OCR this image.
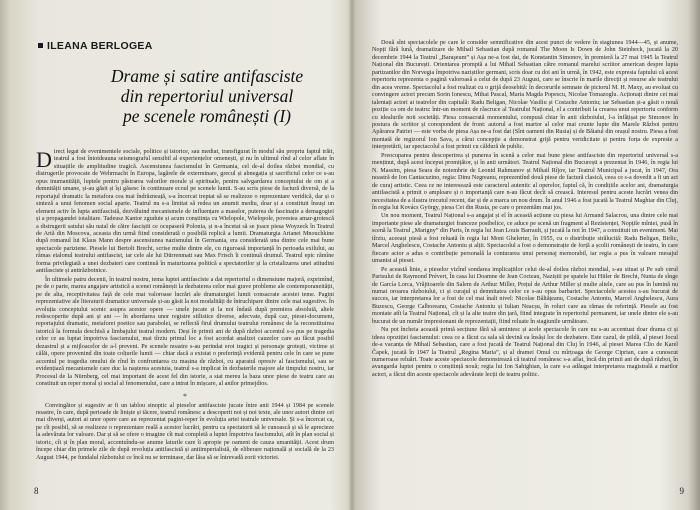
ILEANA BERLOGEA
Drame și satire antifasciste
din repertoriul universal
pe scenele românești (I)

Direct legat de evenimentele sociale, politice și istorice, sau mediat, transfigurat în modul său propriu faptul trăit, teatrul a fost întotdeauna seismograful sensibil al experiențelor omenești, și nu în ultimul rînd al celor aflate în situațiile de amplitudine tragică. Ascensiunea fascismului în Germania, cel de-al doilea război mondial, cu distrugerile provocate de Wehrmacht în Europa, lagărele de exterminare, grecul și abnegația și sacrificiul celor ce s-au opus inumanității, luptele pentru păstrarea valorilor morale și spirituale, pentru salvgardarea conceptului de om și a demnității umane, și-au găsit și își găsesc în continuare ecoul pe scenele lumii. S-au scris piese de factură diversă, de la reportajul dramatic la metafora cea mai îndrăzneață, s-a încercat treptat să se realizeze o reprezentare veridică, dar și o sinteză a unui fenomen social aparte. Teatrul nu s-a limitat să redea un anumit mediu, doar și a constituit însuși un element activ în lupta antifascistă, dezvăluind mecanismele de influențare a maselor, puterea de fascinație a demagogiei și a propagandei totalitare. Tadeusz Kantor zguduie și acum conștiința cu Wielopole, Wielopole, povestea amar-grotescă a distrugerii satului său natal de către fasciștii ce ocupaseră Polonia, și n-a încetat să se joace piesa Woyzeck în Teatrul de Artă din Moscova, aceasta din urmă fiind considerată o posibilă replică a lumii. Dramaturgia Arianei Mnouchkine după romanul lui Klaus Mann despre ascensiunea nazismului în Germania, era considerată una dintre cele mai bune spectacole pariziene. Piesele lui Bertolt Brecht, scrise multe dintre ele, cu riguroasă importanță în perioada exilului, au rămas etalonul teatrului antifascist, iar cele ale lui Dürrenmatt sau Max Frisch îi continuă drumul. Teatrul epic rămîne forma privilegiată a unei dezbateri care continuă în maturizarea politică a spectatorilor și la cristalizarea unei atitudini antifasciste și antirăzboinice.

În ultimele patru decenii, în teatrul nostru, tema luptei antifasciste a dat repertoriul o dimensiune majoră, exprimînd, pe de o parte, marea angajare artistică a scenei românești la dezbaterea celor mai grave probleme ale contemporaneității, pe de alta, receptivitatea față de cele mai valoroase lucrări ale dramaturgiei lumii consacrate acestei teme. Pagini reprezentative ale literaturii dramatice universale și-au găsit la noi modalități de întruchipare dintre cele mai sugestive. În evoluția conceptului scenic asupra acestor opere — unele jucate și la noi îndată după premiera absolută, altele redescoperite după ani și ani — în abordarea unor registre stilistice diverse, adecvate, după caz, piesei-document, reportajului dramatic, metaforei poetice sau parabolei, se reflectă firul drumului teatrului românesc de la reconstituirea istorică la formula deschisă a limbajului teatral modern. Deși în primii ani de după război accentul s-a pus pe tragedia celor ce au luptat împotriva fascismului, mai tîrziu primul loc a fost acordat analizei cauzelor care au făcut posibil dezastrul și a mijloacelor de a-l preveni. Pe scenele noastre s-au perindat eroi tragici și personaje grotești, victime și călăi, opere provenind din toate colțurile lumii — chiar dacă a existat o preferință evidentă pentru cele în care se pune accentul pe tragedia omului de rînd în confruntarea cu mașina de război, cu aparatul opresiv al fascismului, sau se evidențiază mecanismele care duc la nașterea acestuia, teatrul s-a implicat în dezbaterile majore ale timpului nostru, iar Procesul de la Nürnberg, cel mai important de acest fel din istorie, a stat mereu la baza unor piese de teatru care au constituit un reper moral și social al fenomenului, care a intrat în mișcare, al anilor primejdios.

*

Convingător și sugestiv ar fi un tablou sinoptic al pieselor antifasciste jucate între anii 1944 și 1984 pe scenele noastre, în care, după perioade de liniște și tăcere, teatrul românesc a descoperit noi și noi texte, ale unor autori dintre cei mai diverși, autori ai unor opere care au reprezentat pagini-reper în evoluția artei teatrale universale. Și s-a încercat ca, pe cît posibil, să se realizeze o reprezentare reală a acestor lucrări, pentru ca spectatorii să le cunoască și să le aprecieze la adevărata lor valoare. Dar și să se ofere o imagine cît mai completă a luptei împotriva fascismului, atît în plan social și istoric, cît și în plan moral, accentuîndu-se anume laturile care îi apropie pe oameni de cauza umanității. Acest drum începe chiar din primele zile de după revoluția antifascistă și antiimperialistă, de eliberare națională și socială de la 23 August 1944, pe fundalul războiului ce încă nu se terminase, dar lăsa să se întrevadă zorii victoriei.

8

Două sînt spectacolele pe care le consider semnificative din acest punct de vedere în stagiunea 1944—45, și anume, Nopți fără lună, dramatizare de Mihail Sebastian după romanul The Moon Is Down de John Steinbeck, jucată la 20 decembrie 1944 la Teatrul „Baraşeum” și Așa ne-a fost dat, de Konstantin Simonov, în premieră la 27 mai 1945 la Teatrul Național din București. Orientarea promptă a lui Mihail Sebastian către romanul marelui scriitor american despre lupta partizanilor din Norvegia împotriva naziștilor germani, scris doar cu doi ani în urmă, în 1942, este expresia faptului că acest repertoriu reprezenta o pagină valoroasă a celui de după 23 August, care se înscrie în marile direcții și resurse ale teatrului din acea vreme. Spectacolul a fost realizat cu o grijă deosebită: în decorurile semnate de pictorul M. H. Maxy, au evoluat cu convingere actori precum Sorin Ionescu, Mihai Pascal, Maria Magda Popescu, Nicolae Tomazoglu. Acționați dintre cei mai talentați actori ai teatrelor din capitală: Radu Beligan, Nicolae Vasiliu și Costache Antoniu; iar Sebastian și-a găsit o nouă poziție ca om de teatru: într-un moment de răscruce al Teatrului Național, el a contribuit la crearea unui repertoriu conform cu idealurile noii societăți. Piesa consacrată momentului, compusă chiar în anii războiului, l-a înfățișat pe Simonov în postura de scriitor și corespondent de front: autorul a fost martor al celor mai crunte lupte din Marele Război pentru Apărarea Patriei — este vorba de piesa Așa ne-a fost dat (Sînt oameni din Rusia) și de Băiatul din orașul nostru. Piesa a fost montată de regizorul Ion Sava, a cărui concepție a demonstrat grijă pentru veridicitate și pentru forța de expresie a interpretării, iar spectacolul a fost primit cu căldură de public.

Preocuparea pentru descoperirea și punerea în scenă a celor mai bune piese antifasciste din repertoriul universal s-a menținut, după acest început promițător, și în anii următori. Teatrul Național din București a prezentat în 1946, în regia lui N. Massim, piesa Seara de noiembrie de Leonid Rahmanov și Mihail Rîjov, iar Teatrul Municipal a jucat, în 1947, Ora noastră de Ion Cantacuzino, regia: Dinu Negreanu, reprezentînd două piese de factură clasică, ceea ce s-a dovedit a fi un act de curaj artistic. Ceea ce ne interesează este caracterul autentic al operelor, faptul că, în condițiile acelor ani, dramaturgia antifascistă a primit o amploare și o importanță care n-au făcut decît să crească. Interesul pentru aceste lucrări venea din necesitatea de a ilustra trecutul recent, dar și de a marca un nou drum. În anul 1946 a fost jucată la Teatrul Maghiar din Cluj, în regia lui Kovács György, piesa Cei din Rusia, pe care o prezentăm mai jos.

Un nou moment, Teatrul Național s-a angajat și el în această acțiune cu piesa lui Armand Salacrou, una dintre cele mai importante piese ale dramaturgiei franceze postbelice, ce aduce pe scenă un fragment al Rezistenței, Nopțile mîniei, pusă în scenă la Teatrul „Marigny” din Paris, în regia lui Jean Louis Barrault, și jucată la noi în 1947, a constituit un eveniment. Mai tîrziu, aceeași piesă a fost reluată în regia lui Moni Ghelerter, în 1955, cu o distribuție strălucită: Radu Beligan, Birlic, Marcel Anghelescu, Costache Antoniu și alții. Spectacolul a fost o demonstrație de forță a școlii românești de teatru, în care fiecare actor a adus o contribuție personală la conturarea unui personaj memorabil, iar regia a pus în valoare mesajul umanist al piesei.

Pe această linie, a pieselor vizînd sondarea implicațiilor celui de-al doilea război mondial, s-au situat și Pe sub cerul Parisului de Raymond Prévert, În casa lui Doamne de Jean Cocteau, Naziștii pe spatele lui Hitler de Brecht, Nunta de sînge de García Lorca, Vrăjitoarele din Salem de Arthur Miller, Prețul de Arthur Miller și multe altele, care au pus în lumină nu numai oroarea războiului, ci și curajul și demnitatea celor ce s-au opus barbariei. Spectacolele acestea s-au bucurat de succes, iar interpretarea lor a fost de cel mai înalt nivel: Nicolae Băltățeanu, Costache Antoniu, Marcel Anghelescu, Aura Buzescu, George Calboreanu, Costache Antoniu și Iulian Neacșu, în roluri care au rămas de referință. Piesele au fost montate atît la Teatrul Național, cît și la alte teatre din țară, fiind integrate în repertoriul permanent, iar unele dintre ele s-au bucurat de un număr impresionant de reprezentații, fiind reluate în stagiunile următoare.

Nu pot încheia această primă secțiune fără să amintesc și acele spectacole în care nu s-au accentuat doar drama ci și ideea opoziției fascismului: ceea ce a făcut ca sala să devină ea însăși loc de dezbatere. Este cazul, de pildă, al piesei Jocul de-a vacanța de Mihail Sebastian, care a fost jucată de Teatrul Național din Cluj în 1946, al piesei Marea Clio de Karel Čapek, jucată în 1947 la Teatrul „Regina Maria”, și al dramei Omul cu mîrțoaga de George Ciprian, care a cunoscut numeroase reluări. Toate aceste spectacole demonstrează că teatrul românesc s-a aflat, încă din primii ani de după război, în avangarda luptei pentru o conștiință nouă; regia lui Ion Sahighian, la care s-a adăugat interpretarea magistrală a marilor actori, a făcut din aceste spectacole adevărate lecții de teatru politic.

9
